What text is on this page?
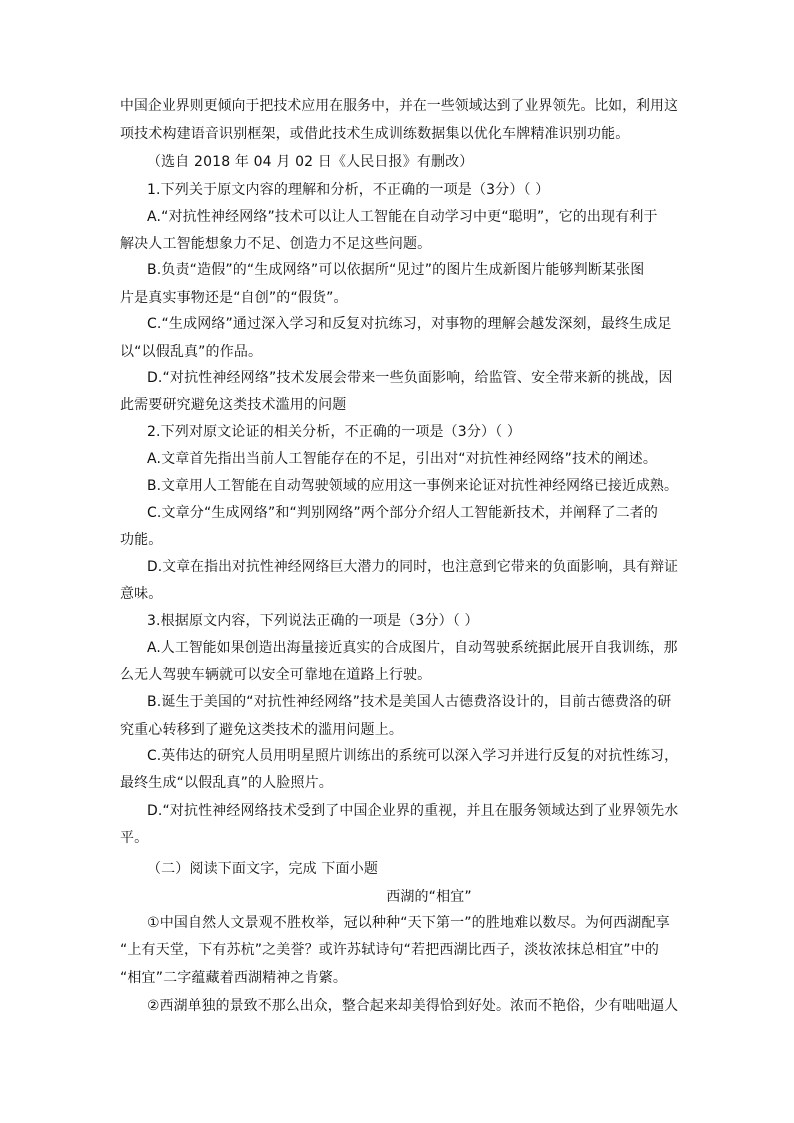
中国企业界则更倾向于把技术应用在服务中，并在一些领域达到了业界领先。比如，利用这
项技术构建语音识别框架，或借此技术生成训练数据集以优化车牌精准识别功能。
（选自 2018 年 04 月 02 日《人民日报》有删改）
1.下列关于原文内容的理解和分析，不正确的一项是（3分）（ ）
A.“对抗性神经网络”技术可以让人工智能在自动学习中更“聪明”，它的出现有利于
解决人工智能想象力不足、创造力不足这些问题。
B.负责“造假”的“生成网络”可以依据所“见过”的图片生成新图片能够判断某张图
片是真实事物还是“自创”的“假货”。
C.“生成网络”通过深入学习和反复对抗练习，对事物的理解会越发深刻，最终生成足
以“以假乱真”的作品。
D.“对抗性神经网络”技术发展会带来一些负面影响，给监管、安全带来新的挑战，因
此需要研究避免这类技术滥用的问题
2.下列对原文论证的相关分析，不正确的一项是（3分）（ ）
A.文章首先指出当前人工智能存在的不足，引出对“对抗性神经网络”技术的阐述。
B.文章用人工智能在自动驾驶领域的应用这一事例来论证对抗性神经网络已接近成熟。
C.文章分“生成网络”和“判别网络”两个部分介绍人工智能新技术，并阐释了二者的
功能。
D.文章在指出对抗性神经网络巨大潜力的同时，也注意到它带来的负面影响，具有辩证
意味。
3.根据原文内容，下列说法正确的一项是（3分）（ ）
A.人工智能如果创造出海量接近真实的合成图片，自动驾驶系统据此展开自我训练，那
么无人驾驶车辆就可以安全可靠地在道路上行驶。
B.诞生于美国的“对抗性神经网络”技术是美国人古德费洛设计的，目前古德费洛的研
究重心转移到了避免这类技术的滥用问题上。
C.英伟达的研究人员用明星照片训练出的系统可以深入学习并进行反复的对抗性练习，
最终生成“以假乱真”的人脸照片。
D.“对抗性神经网络技术受到了中国企业界的重视，并且在服务领域达到了业界领先水
平。
（二）阅读下面文字，完成 下面小题
西湖的“相宜”
①中国自然人文景观不胜枚举，冠以种种“天下第一”的胜地难以数尽。为何西湖配享
“上有天堂，下有苏杭”之美誉？或许苏轼诗句“若把西湖比西子，淡妆浓抹总相宜”中的
“相宜”二字蕴藏着西湖精神之肯綮。
②西湖单独的景致不那么出众，整合起来却美得恰到好处。浓而不艳俗，少有咄咄逼人
